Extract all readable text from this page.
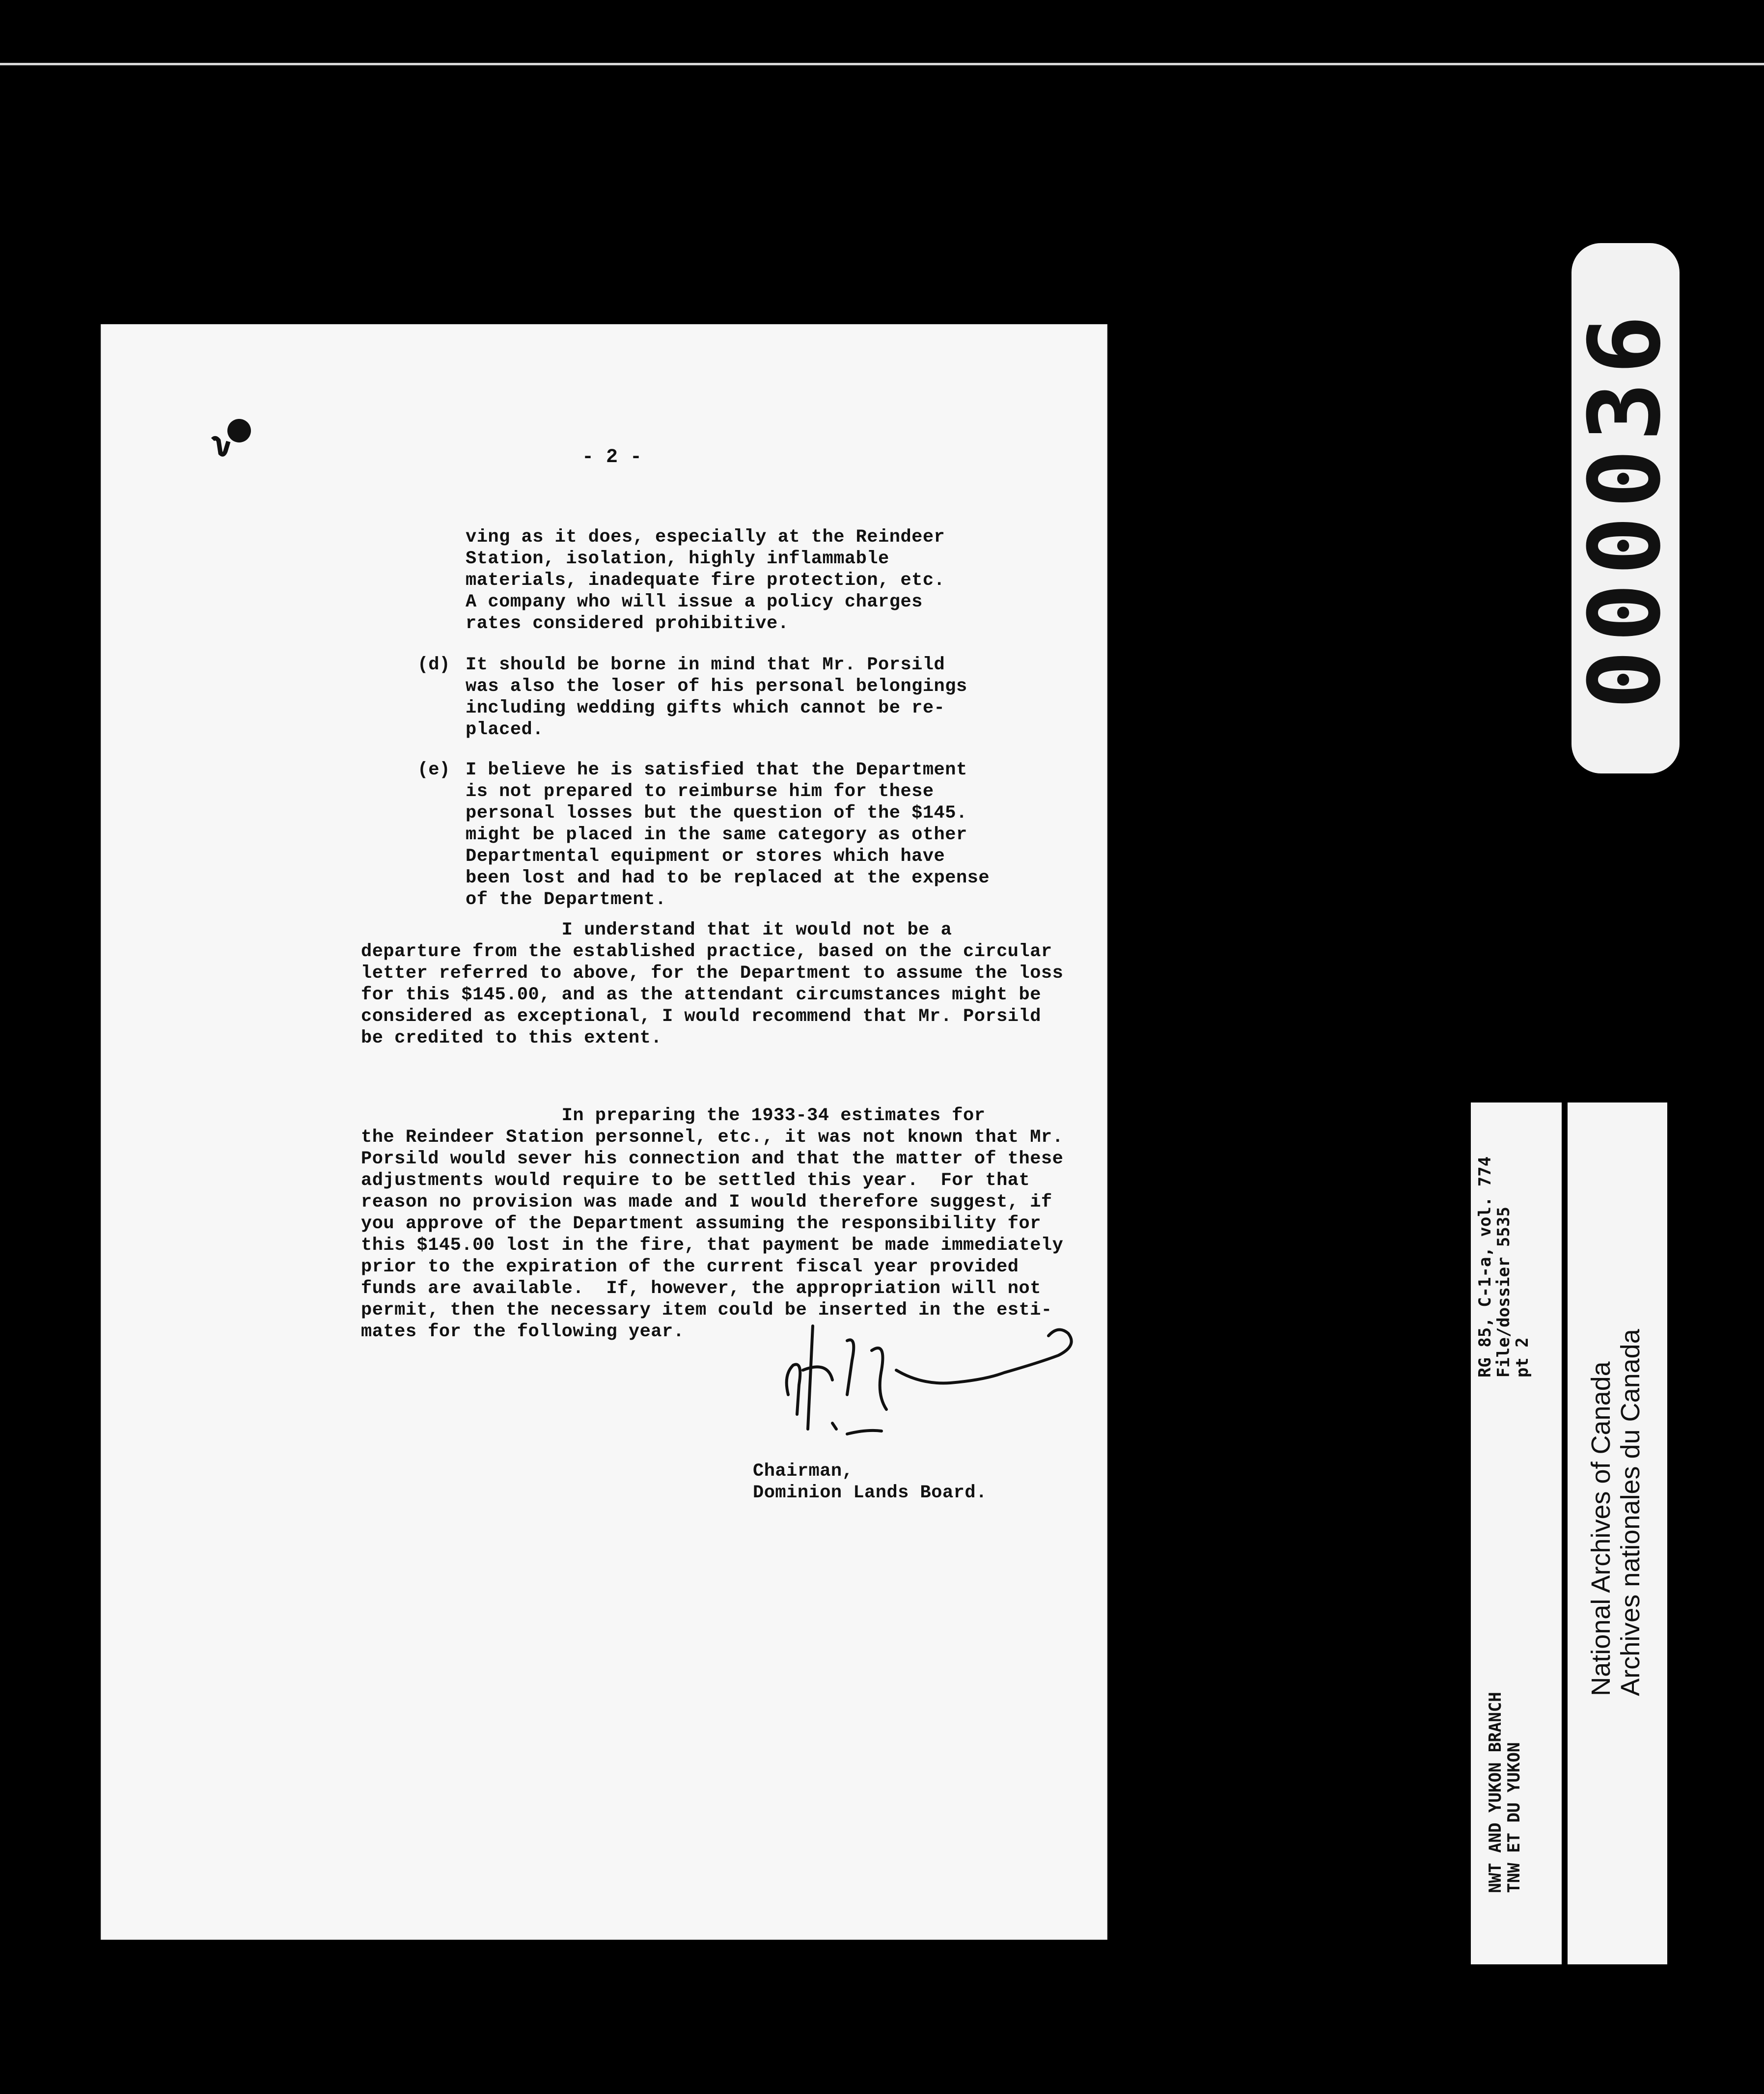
- 2 -
ving as it does, especially at the Reindeer
Station, isolation, highly inflammable
materials, inadequate fire protection, etc.
A company who will issue a policy charges
rates considered prohibitive.
(d) It should be borne in mind that Mr. Porsild
was also the loser of his personal belongings
including wedding gifts which cannot be re-
placed.
(e) I believe he is satisfied that the Department
is not prepared to reimburse him for these
personal losses but the question of the $145.
might be placed in the same category as other
Departmental equipment or stores which have
been lost and had to be replaced at the expense
of the Department.
I understand that it would not be a
departure from the established practice, based on the circular
letter referred to above, for the Department to assume the loss
for this $145.00, and as the attendant circumstances might be
considered as exceptional, I would recommend that Mr. Porsild
be credited to this extent.
In preparing the 1933-34 estimates for
the Reindeer Station personnel, etc., it was not known that Mr.
Porsild would sever his connection and that the matter of these
adjustments would require to be settled this year.  For that
reason no provision was made and I would therefore suggest, if
you approve of the Department assuming the responsibility for
this $145.00 lost in the fire, that payment be made immediately
prior to the expiration of the current fiscal year provided
funds are available.  If, however, the appropriation will not
permit, then the necessary item could be inserted in the esti-
mates for the following year.
Chairman,
Dominion Lands Board.
000036
RG 85, C-1-a, vol. 774
File/dossier 5535
pt 2
NWT AND YUKON BRANCH
TNW ET DU YUKON
National Archives of Canada
Archives nationales du Canada
